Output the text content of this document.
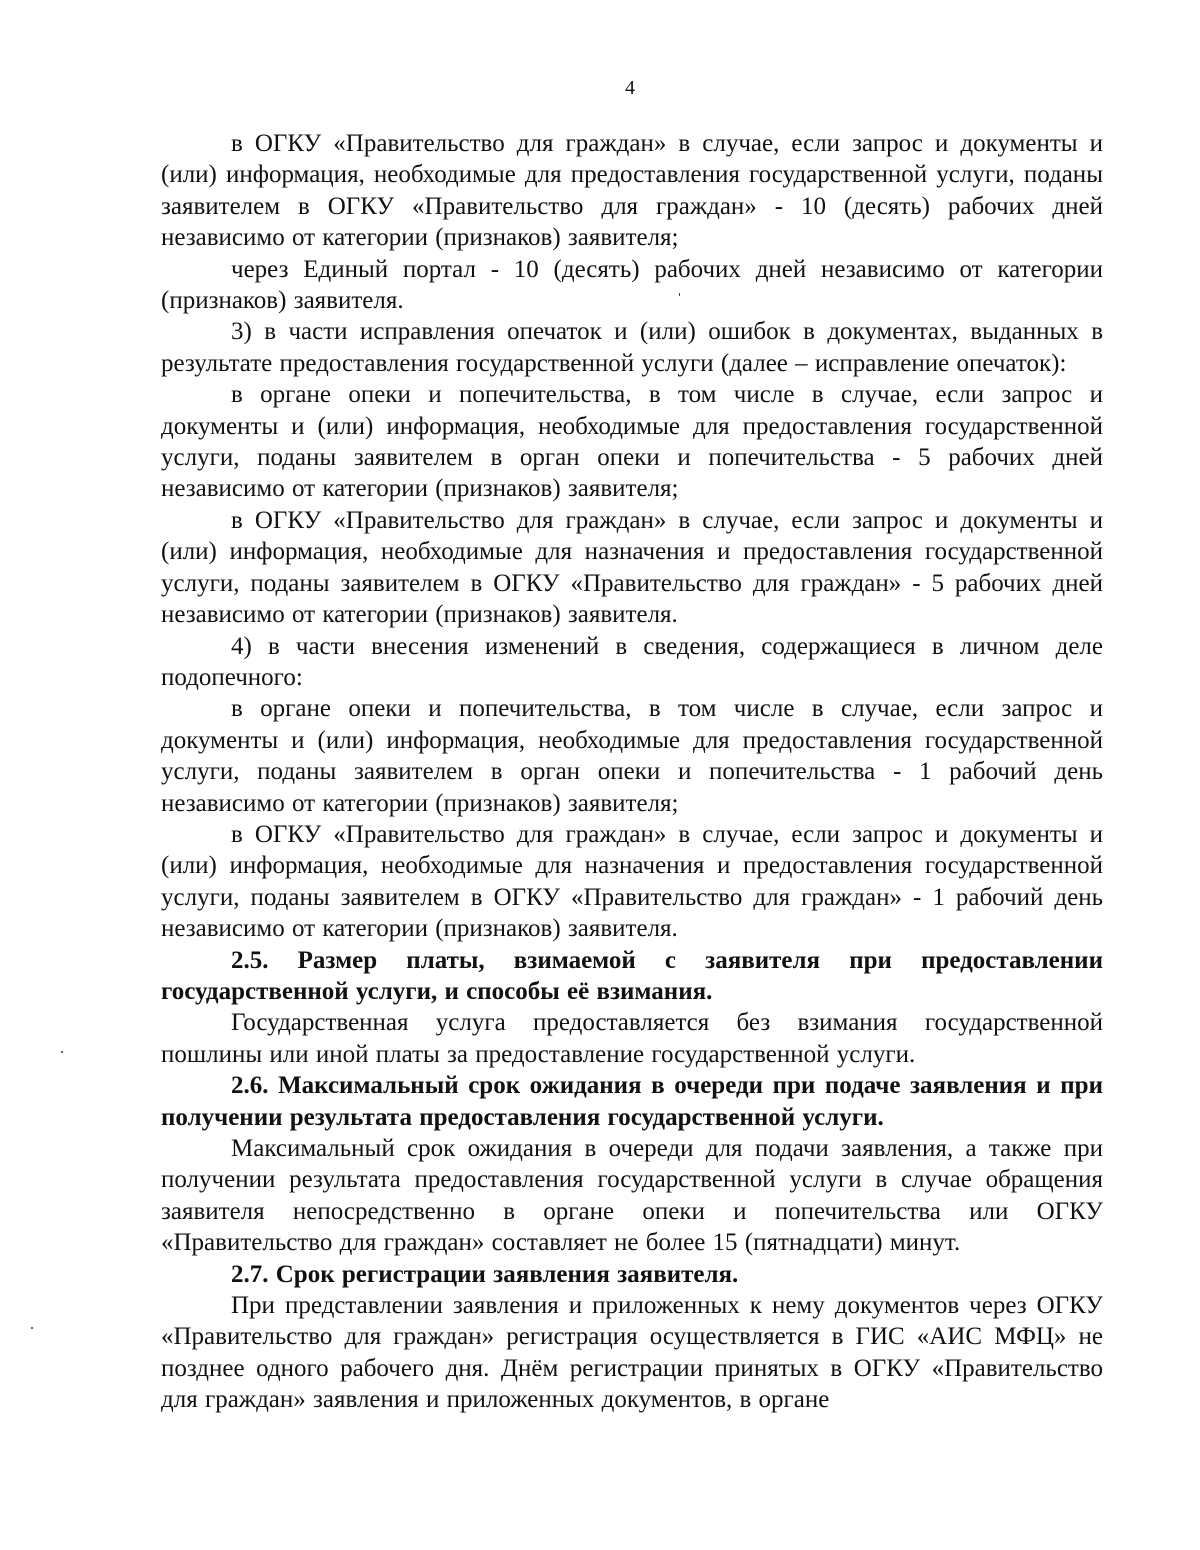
4

в ОГКУ «Правительство для граждан» в случае, если запрос и документы и (или) информация, необходимые для предоставления государственной услуги, поданы заявителем в ОГКУ «Правительство для граждан» - 10 (десять) рабочих дней независимо от категории (признаков) заявителя;

через Единый портал - 10 (десять) рабочих дней независимо от категории (признаков) заявителя.

3) в части исправления опечаток и (или) ошибок в документах, выданных в результате предоставления государственной услуги (далее – исправление опечаток):

в органе опеки и попечительства, в том числе в случае, если запрос и документы и (или) информация, необходимые для предоставления государственной услуги, поданы заявителем в орган опеки и попечительства - 5 рабочих дней независимо от категории (признаков) заявителя;

в ОГКУ «Правительство для граждан» в случае, если запрос и документы и (или) информация, необходимые для назначения и предоставления государственной услуги, поданы заявителем в ОГКУ «Правительство для граждан» - 5 рабочих дней независимо от категории (признаков) заявителя.

4) в части внесения изменений в сведения, содержащиеся в личном деле подопечного:

в органе опеки и попечительства, в том числе в случае, если запрос и документы и (или) информация, необходимые для предоставления государственной услуги, поданы заявителем в орган опеки и попечительства - 1 рабочий день независимо от категории (признаков) заявителя;

в ОГКУ «Правительство для граждан» в случае, если запрос и документы и (или) информация, необходимые для назначения и предоставления государственной услуги, поданы заявителем в ОГКУ «Правительство для граждан» - 1 рабочий день независимо от категории (признаков) заявителя.

2.5. Размер платы, взимаемой с заявителя при предоставлении государственной услуги, и способы её взимания.

Государственная услуга предоставляется без взимания государственной пошлины или иной платы за предоставление государственной услуги.

2.6. Максимальный срок ожидания в очереди при подаче заявления и при получении результата предоставления государственной услуги.

Максимальный срок ожидания в очереди для подачи заявления, а также при получении результата предоставления государственной услуги в случае обращения заявителя непосредственно в органе опеки и попечительства или ОГКУ «Правительство для граждан» составляет не более 15 (пятнадцати) минут.

2.7. Срок регистрации заявления заявителя.

При представлении заявления и приложенных к нему документов через ОГКУ «Правительство для граждан» регистрация осуществляется в ГИС «АИС МФЦ» не позднее одного рабочего дня. Днём регистрации принятых в ОГКУ «Правительство для граждан» заявления и приложенных документов, в органе
